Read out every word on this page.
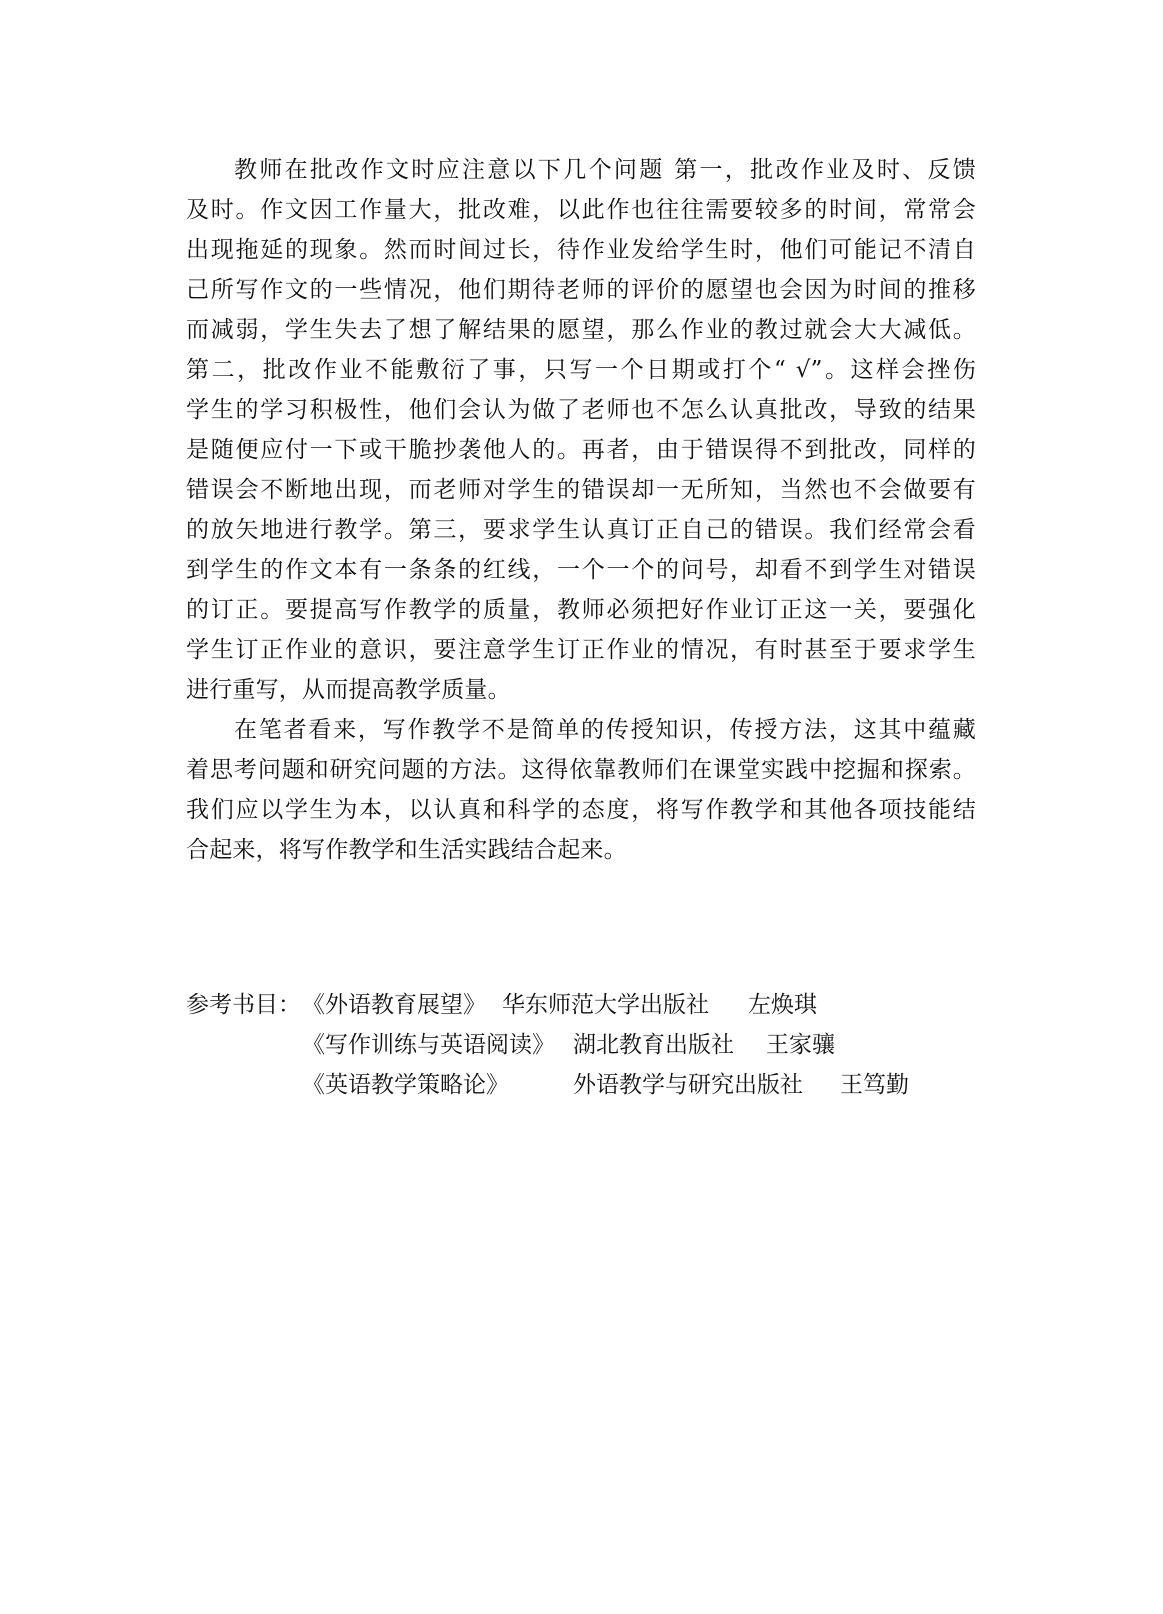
教师在批改作文时应注意以下几个问题 第一，批改作业及时、反馈
及时。作文因工作量大，批改难，以此作也往往需要较多的时间，常常会
出现拖延的现象。然而时间过长，待作业发给学生时，他们可能记不清自
己所写作文的一些情况，他们期待老师的评价的愿望也会因为时间的推移
而减弱，学生失去了想了解结果的愿望，那么作业的教过就会大大减低。
第二，批改作业不能敷衍了事，只写一个日期或打个“ √”。这样会挫伤
学生的学习积极性，他们会认为做了老师也不怎么认真批改，导致的结果
是随便应付一下或干脆抄袭他人的。再者，由于错误得不到批改，同样的
错误会不断地出现，而老师对学生的错误却一无所知，当然也不会做要有
的放矢地进行教学。第三，要求学生认真订正自己的错误。我们经常会看
到学生的作文本有一条条的红线，一个一个的问号，却看不到学生对错误
的订正。要提高写作教学的质量，教师必须把好作业订正这一关，要强化
学生订正作业的意识，要注意学生订正作业的情况，有时甚至于要求学生
进行重写，从而提高教学质量。
在笔者看来，写作教学不是简单的传授知识，传授方法，这其中蕴藏
着思考问题和研究问题的方法。这得依靠教师们在课堂实践中挖掘和探索。
我们应以学生为本，以认真和科学的态度，将写作教学和其他各项技能结
合起来，将写作教学和生活实践结合起来。
参考书目： 《外语教育展望》 华东师范大学出版社 左焕琪
《写作训练与英语阅读》 湖北教育出版社 王家骧
《英语教学策略论》	外语教学与研究出版社 王笃勤
